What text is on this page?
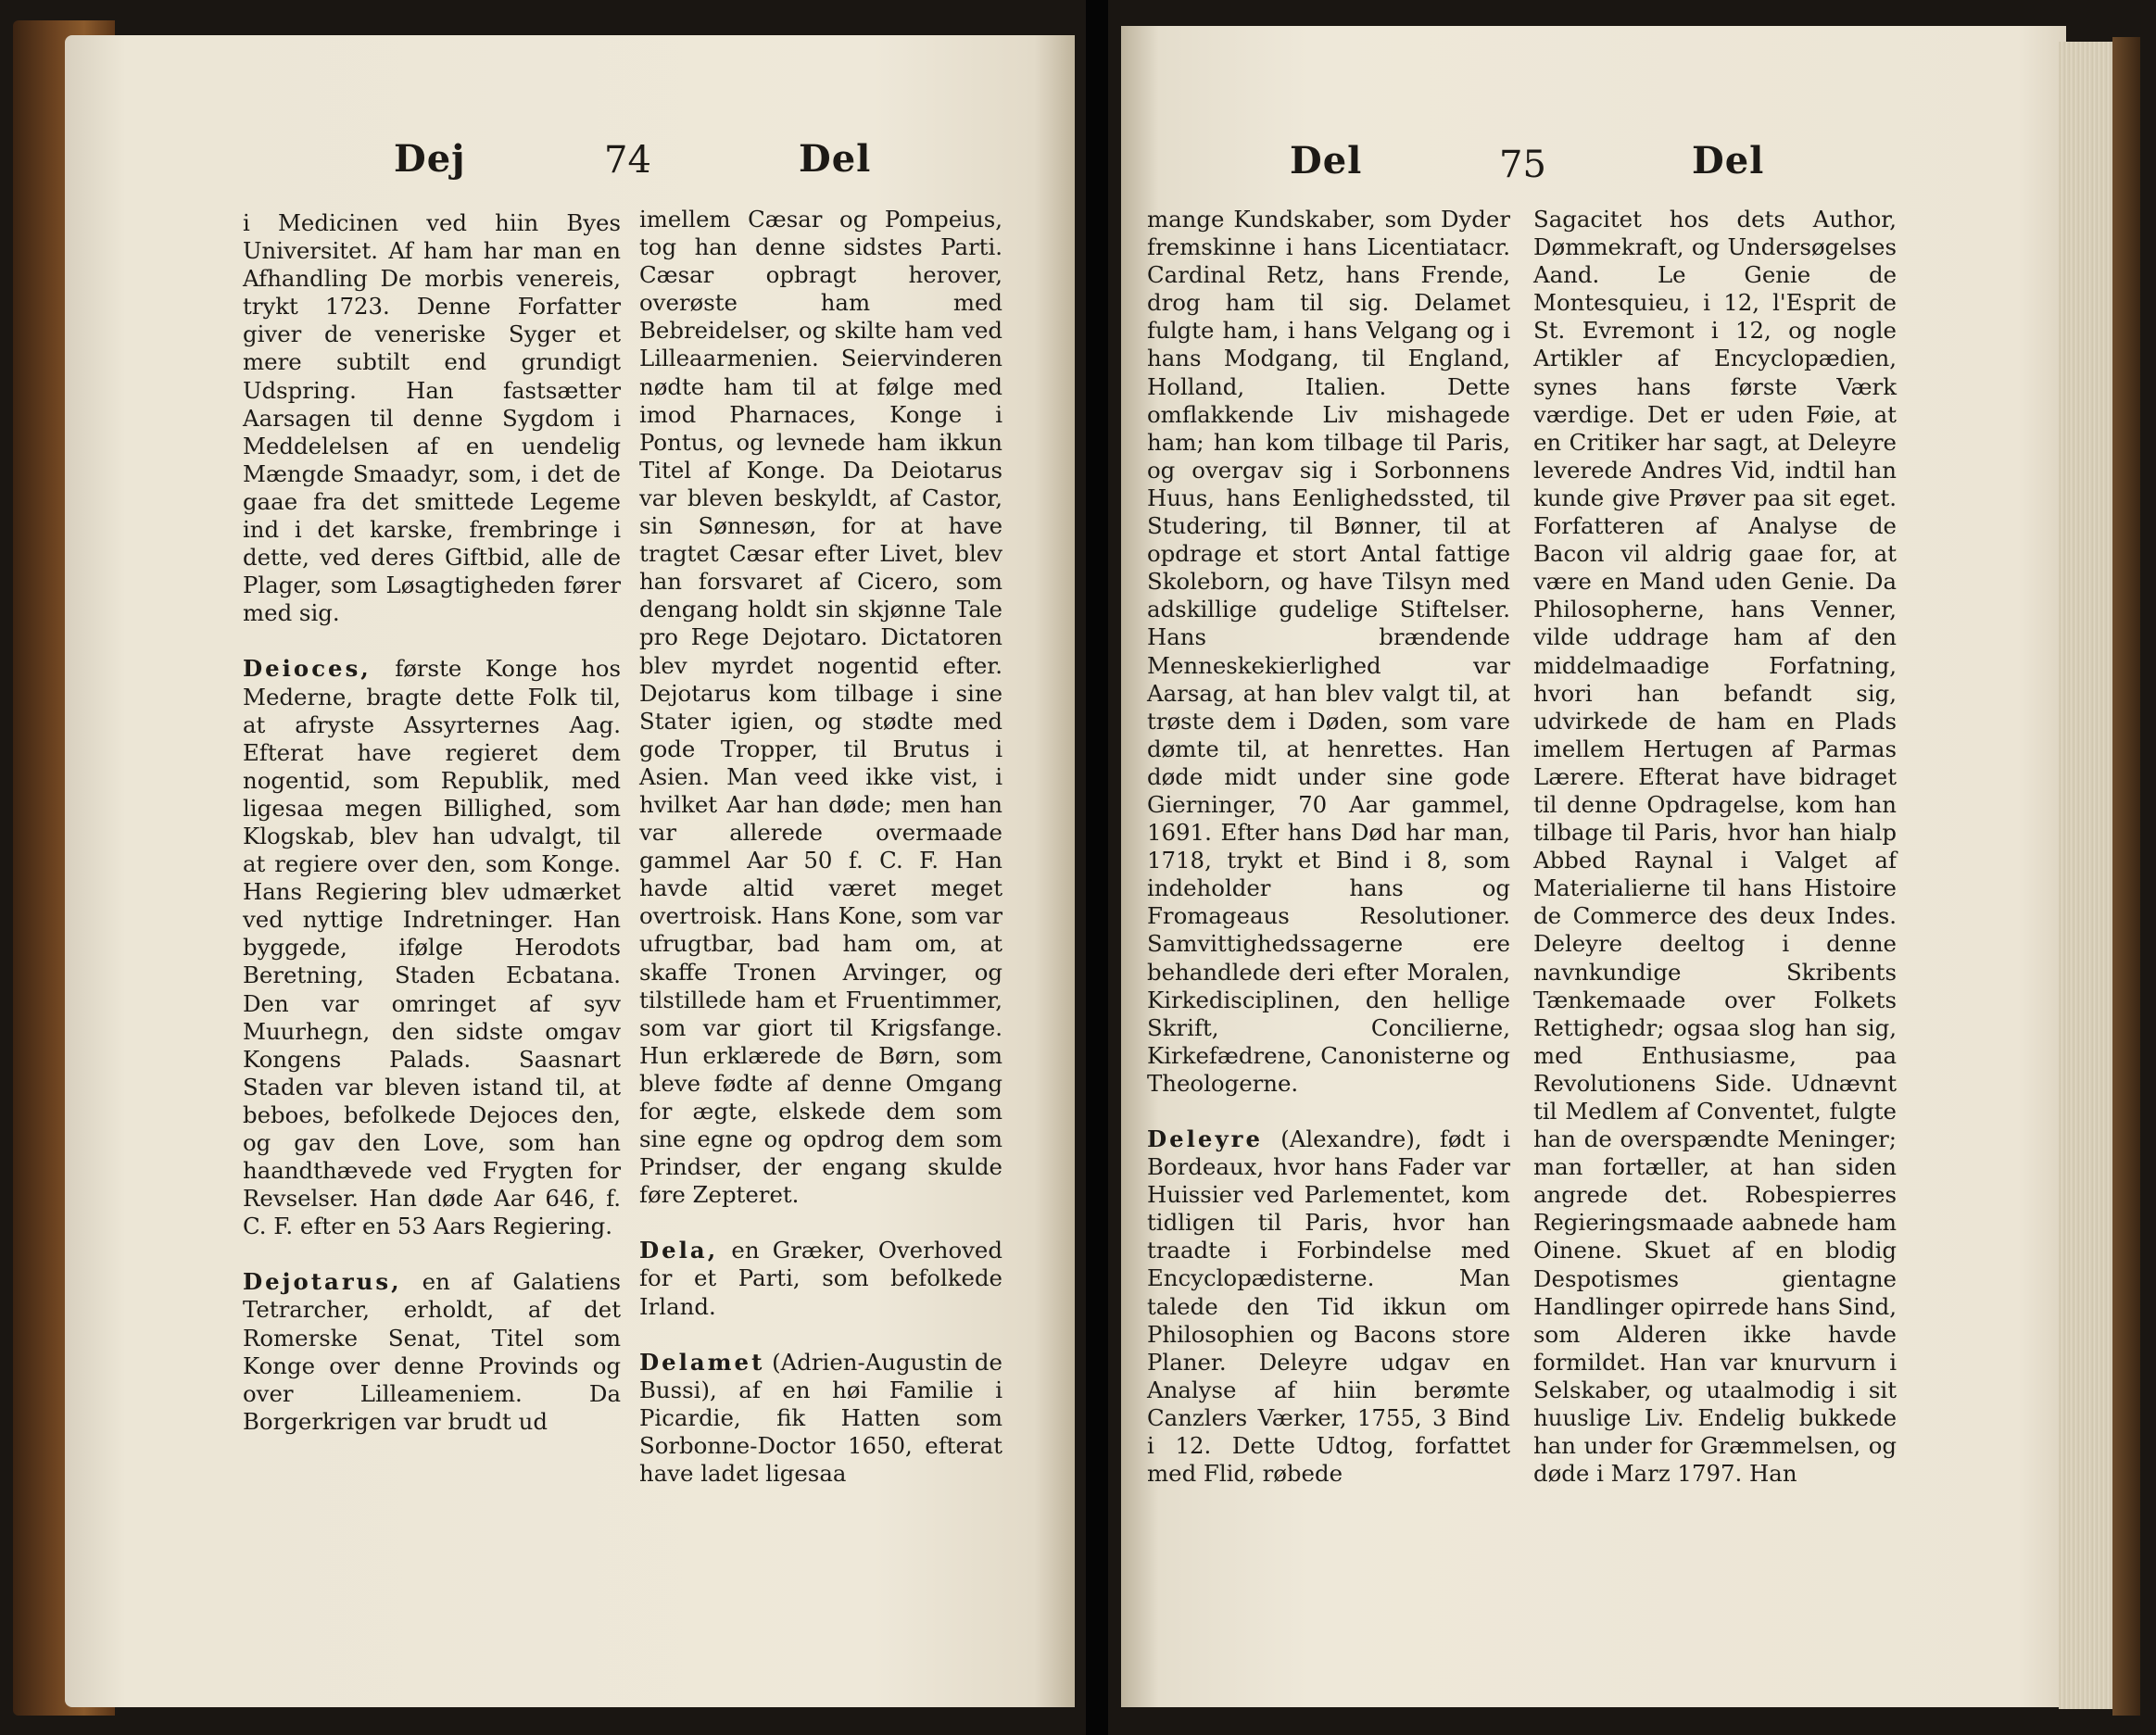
Dej	74	Del	Del	75	Del

i Medicinen ved hiin Byes Universitet. Af ham har man en Afhandling De morbis venereis, trykt 1723. Denne Forfatter giver de veneriske Syger et mere subtilt end grundigt Udspring. Han fastsætter Aarsagen til denne Sygdom i Meddelelsen af en uendelig Mængde Smaadyr, som, i det de gaae fra det smittede Legeme ind i det karske, frembringe i dette, ved deres Giftbid, alle de Plager, som Løsagtigheden fører med sig.

Deioces, første Konge hos Mederne, bragte dette Folk til, at afryste Assyrternes Aag. Efterat have regieret dem nogentid, som Republik, med ligesaa megen Billighed, som Klogskab, blev han udvalgt, til at regiere over den, som Konge. Hans Regiering blev udmærket ved nyttige Indretninger. Han byggede, ifølge Herodots Beretning, Staden Ecbatana. Den var omringet af syv Muurhegn, den sidste omgav Kongens Palads. Saasnart Staden var bleven istand til, at beboes, befolkede Dejoces den, og gav den Love, som han haandthævede ved Frygten for Revselser. Han døde Aar 646, f. C. F. efter en 53 Aars Regiering.

Dejotarus, en af Galatiens Tetrarcher, erholdt, af det Romerske Senat, Titel som Konge over denne Provinds og over Lilleameniem. Da Borgerkrigen var brudt ud

imellem Cæsar og Pompeius, tog han denne sidstes Parti. Cæsar opbragt herover, overøste ham med Bebreidelser, og skilte ham ved Lilleaarmenien. Seiervinderen nødte ham til at følge med imod Pharnaces, Konge i Pontus, og levnede ham ikkun Titel af Konge. Da Deiotarus var bleven beskyldt, af Castor, sin Sønnesøn, for at have tragtet Cæsar efter Livet, blev han forsvaret af Cicero, som dengang holdt sin skjønne Tale pro Rege Dejotaro. Dictatoren blev myrdet nogentid efter. Dejotarus kom tilbage i sine Stater igien, og stødte med gode Tropper, til Brutus i Asien. Man veed ikke vist, i hvilket Aar han døde; men han var allerede overmaade gammel Aar 50 f. C. F. Han havde altid været meget overtroisk. Hans Kone, som var ufrugtbar, bad ham om, at skaffe Tronen Arvinger, og tilstillede ham et Fruentimmer, som var giort til Krigsfange. Hun erklærede de Børn, som bleve fødte af denne Omgang for ægte, elskede dem som sine egne og opdrog dem som Prindser, der engang skulde føre Zepteret.

Dela, en Græker, Overhoved for et Parti, som befolkede Irland.

Delamet (Adrien-Augustin de Bussi), af en høi Familie i Picardie, fik Hatten som Sorbonne-Doctor 1650, efterat have ladet ligesaa

mange Kundskaber, som Dyder fremskinne i hans Licentiatacr. Cardinal Retz, hans Frende, drog ham til sig. Delamet fulgte ham, i hans Velgang og i hans Modgang, til England, Holland, Italien. Dette omflakkende Liv mishagede ham; han kom tilbage til Paris, og overgav sig i Sorbonnens Huus, hans Eenlighedssted, til Studering, til Bønner, til at opdrage et stort Antal fattige Skoleborn, og have Tilsyn med adskillige gudelige Stiftelser. Hans brændende Menneskekierlighed var Aarsag, at han blev valgt til, at trøste dem i Døden, som vare dømte til, at henrettes. Han døde midt under sine gode Gierninger, 70 Aar gammel, 1691. Efter hans Død har man, 1718, trykt et Bind i 8, som indeholder hans og Fromageaus Resolutioner. Samvittighedssagerne ere behandlede deri efter Moralen, Kirkedisciplinen, den hellige Skrift, Concilierne, Kirkefædrene, Canonisterne og Theologerne.

Deleyre (Alexandre), født i Bordeaux, hvor hans Fader var Huissier ved Parlementet, kom tidligen til Paris, hvor han traadte i Forbindelse med Encyclopædisterne. Man talede den Tid ikkun om Philosophien og Bacons store Planer. Deleyre udgav en Analyse af hiin berømte Canzlers Værker, 1755, 3 Bind i 12. Dette Udtog, forfattet med Flid, røbede

Sagacitet hos dets Author, Dømmekraft, og Undersøgelses Aand. Le Genie de Montesquieu, i 12, l'Esprit de St. Evremont i 12, og nogle Artikler af Encyclopædien, synes hans første Værk værdige. Det er uden Føie, at en Critiker har sagt, at Deleyre leverede Andres Vid, indtil han kunde give Prøver paa sit eget. Forfatteren af Analyse de Bacon vil aldrig gaae for, at være en Mand uden Genie. Da Philosopherne, hans Venner, vilde uddrage ham af den middelmaadige Forfatning, hvori han befandt sig, udvirkede de ham en Plads imellem Hertugen af Parmas Lærere. Efterat have bidraget til denne Opdragelse, kom han tilbage til Paris, hvor han hialp Abbed Raynal i Valget af Materialierne til hans Histoire de Commerce des deux Indes. Deleyre deeltog i denne navnkundige Skribents Tænkemaade over Folkets Rettighedr; ogsaa slog han sig, med Enthusiasme, paa Revolutionens Side. Udnævnt til Medlem af Conventet, fulgte han de overspændte Meninger; man fortæller, at han siden angrede det. Robespierres Regieringsmaade aabnede ham Oinene. Skuet af en blodig Despotismes gientagne Handlinger opirrede hans Sind, som Alderen ikke havde formildet. Han var knurvurn i Selskaber, og utaalmodig i sit huuslige Liv. Endelig bukkede han under for Græmmelsen, og døde i Marz 1797. Han
